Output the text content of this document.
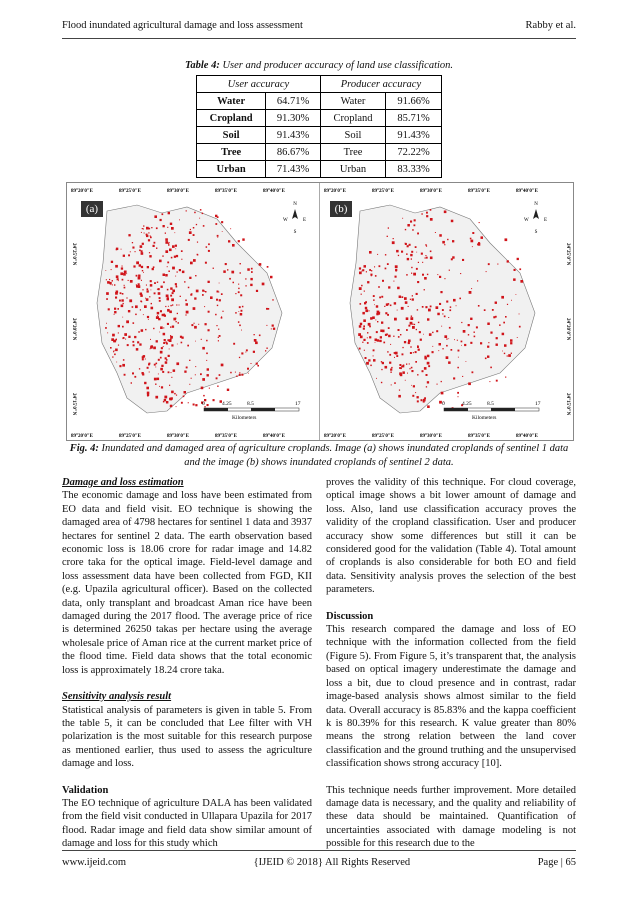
Flood inundated agricultural damage and loss assessment	Rabby et al.
Table 4: User and producer accuracy of land use classification.
User accuracy		Producer accuracy	
Water	64.71%	Water	91.66%
Cropland	91.30%	Cropland	85.71%
Soil	91.43%	Soil	91.43%
Tree	86.67%	Tree	72.22%
Urban	71.43%	Urban	83.33%
89°20'0"E	89°25'0"E	89°30'0"E	89°35'0"E	89°40'0"E
89°20'0"E	89°25'0"E	89°30'0"E	89°35'0"E	89°40'0"E
24°25'0"N
24°20'0"N
24°15'0"N
N
W	E
S
0	4.25	8.5	17
Kilometers
(a)
89°20'0"E	89°25'0"E	89°30'0"E	89°35'0"E	89°40'0"E
89°20'0"E	89°25'0"E	89°30'0"E	89°35'0"E	89°40'0"E
24°25'0"N
24°20'0"N
24°15'0"N
N
W	E
S
0	4.25	8.5	17
Kilometers
(b)
Fig. 4: Inundated and damaged area of agriculture croplands. Image (a) shows inundated croplands of sentinel 1 data and the image (b) shows inundated croplands of sentinel 2 data.
Damage and loss estimation

The economic damage and loss have been estimated from EO data and field visit. EO technique is showing the damaged area of 4798 hectares for sentinel 1 data and 3937 hectares for sentinel 2 data. The earth observation based economic loss is 18.06 crore for radar image and 14.82 crore taka for the optical image. Field-level damage and loss assessment data have been collected from FGD, KII (e.g. Upazila agricultural officer). Based on the collected data, only transplant and broadcast Aman rice have been damaged during the 2017 flood. The average price of rice is determined 26250 takas per hectare using the average wholesale price of Aman rice at the current market price of the flood time. Field data shows that the total economic loss is approximately 18.24 crore taka.

Sensitivity analysis result

Statistical analysis of parameters is given in table 5. From the table 5, it can be concluded that Lee filter with VH polarization is the most suitable for this research purpose as mentioned earlier, thus used to assess the agriculture damage and loss.

Validation

The EO technique of agriculture DALA has been validated from the field visit conducted in Ullapara Upazila for 2017 flood. Radar image and field data show similar amount of damage and loss for this study which

proves the validity of this technique. For cloud coverage, optical image shows a bit lower amount of damage and loss. Also, land use classification accuracy proves the validity of the cropland classification. User and producer accuracy show some differences but still it can be considered good for the validation (Table 4). Total amount of croplands is also considerable for both EO and field data. Sensitivity analysis proves the selection of the best parameters.

Discussion

This research compared the damage and loss of EO technique with the information collected from the field (Figure 5). From Figure 5, it’s transparent that, the analysis based on optical imagery underestimate the damage and loss a bit, due to cloud presence and in contrast, radar image-based analysis shows almost similar to the field data. Overall accuracy is 85.83% and the kappa coefficient k is 80.39% for this research. K value greater than 80% means the strong relation between the land cover classification and the ground truthing and the unsupervised classification shows strong accuracy [10].

This technique needs further improvement. More detailed damage data is necessary, and the quality and reliability of these data should be maintained. Quantification of uncertainties associated with damage modeling is not possible for this research due to the

www.ijeid.com	{IJEID © 2018} All Rights Reserved	Page | 65
